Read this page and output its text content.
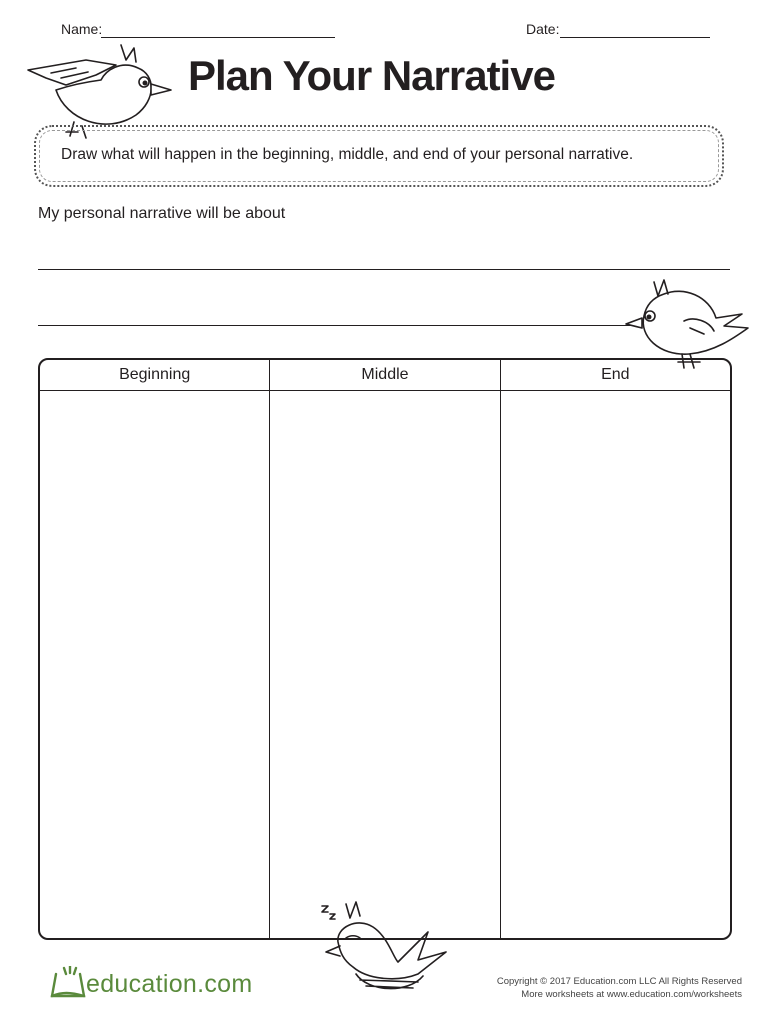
Name:	Date:
Plan Your Narrative
Draw what will happen in the beginning, middle, and end of your personal narrative.
My personal narrative will be about
Beginning	Middle	End
education.com	Copyright © 2017 Education.com LLC All Rights Reserved
More worksheets at www.education.com/worksheets
